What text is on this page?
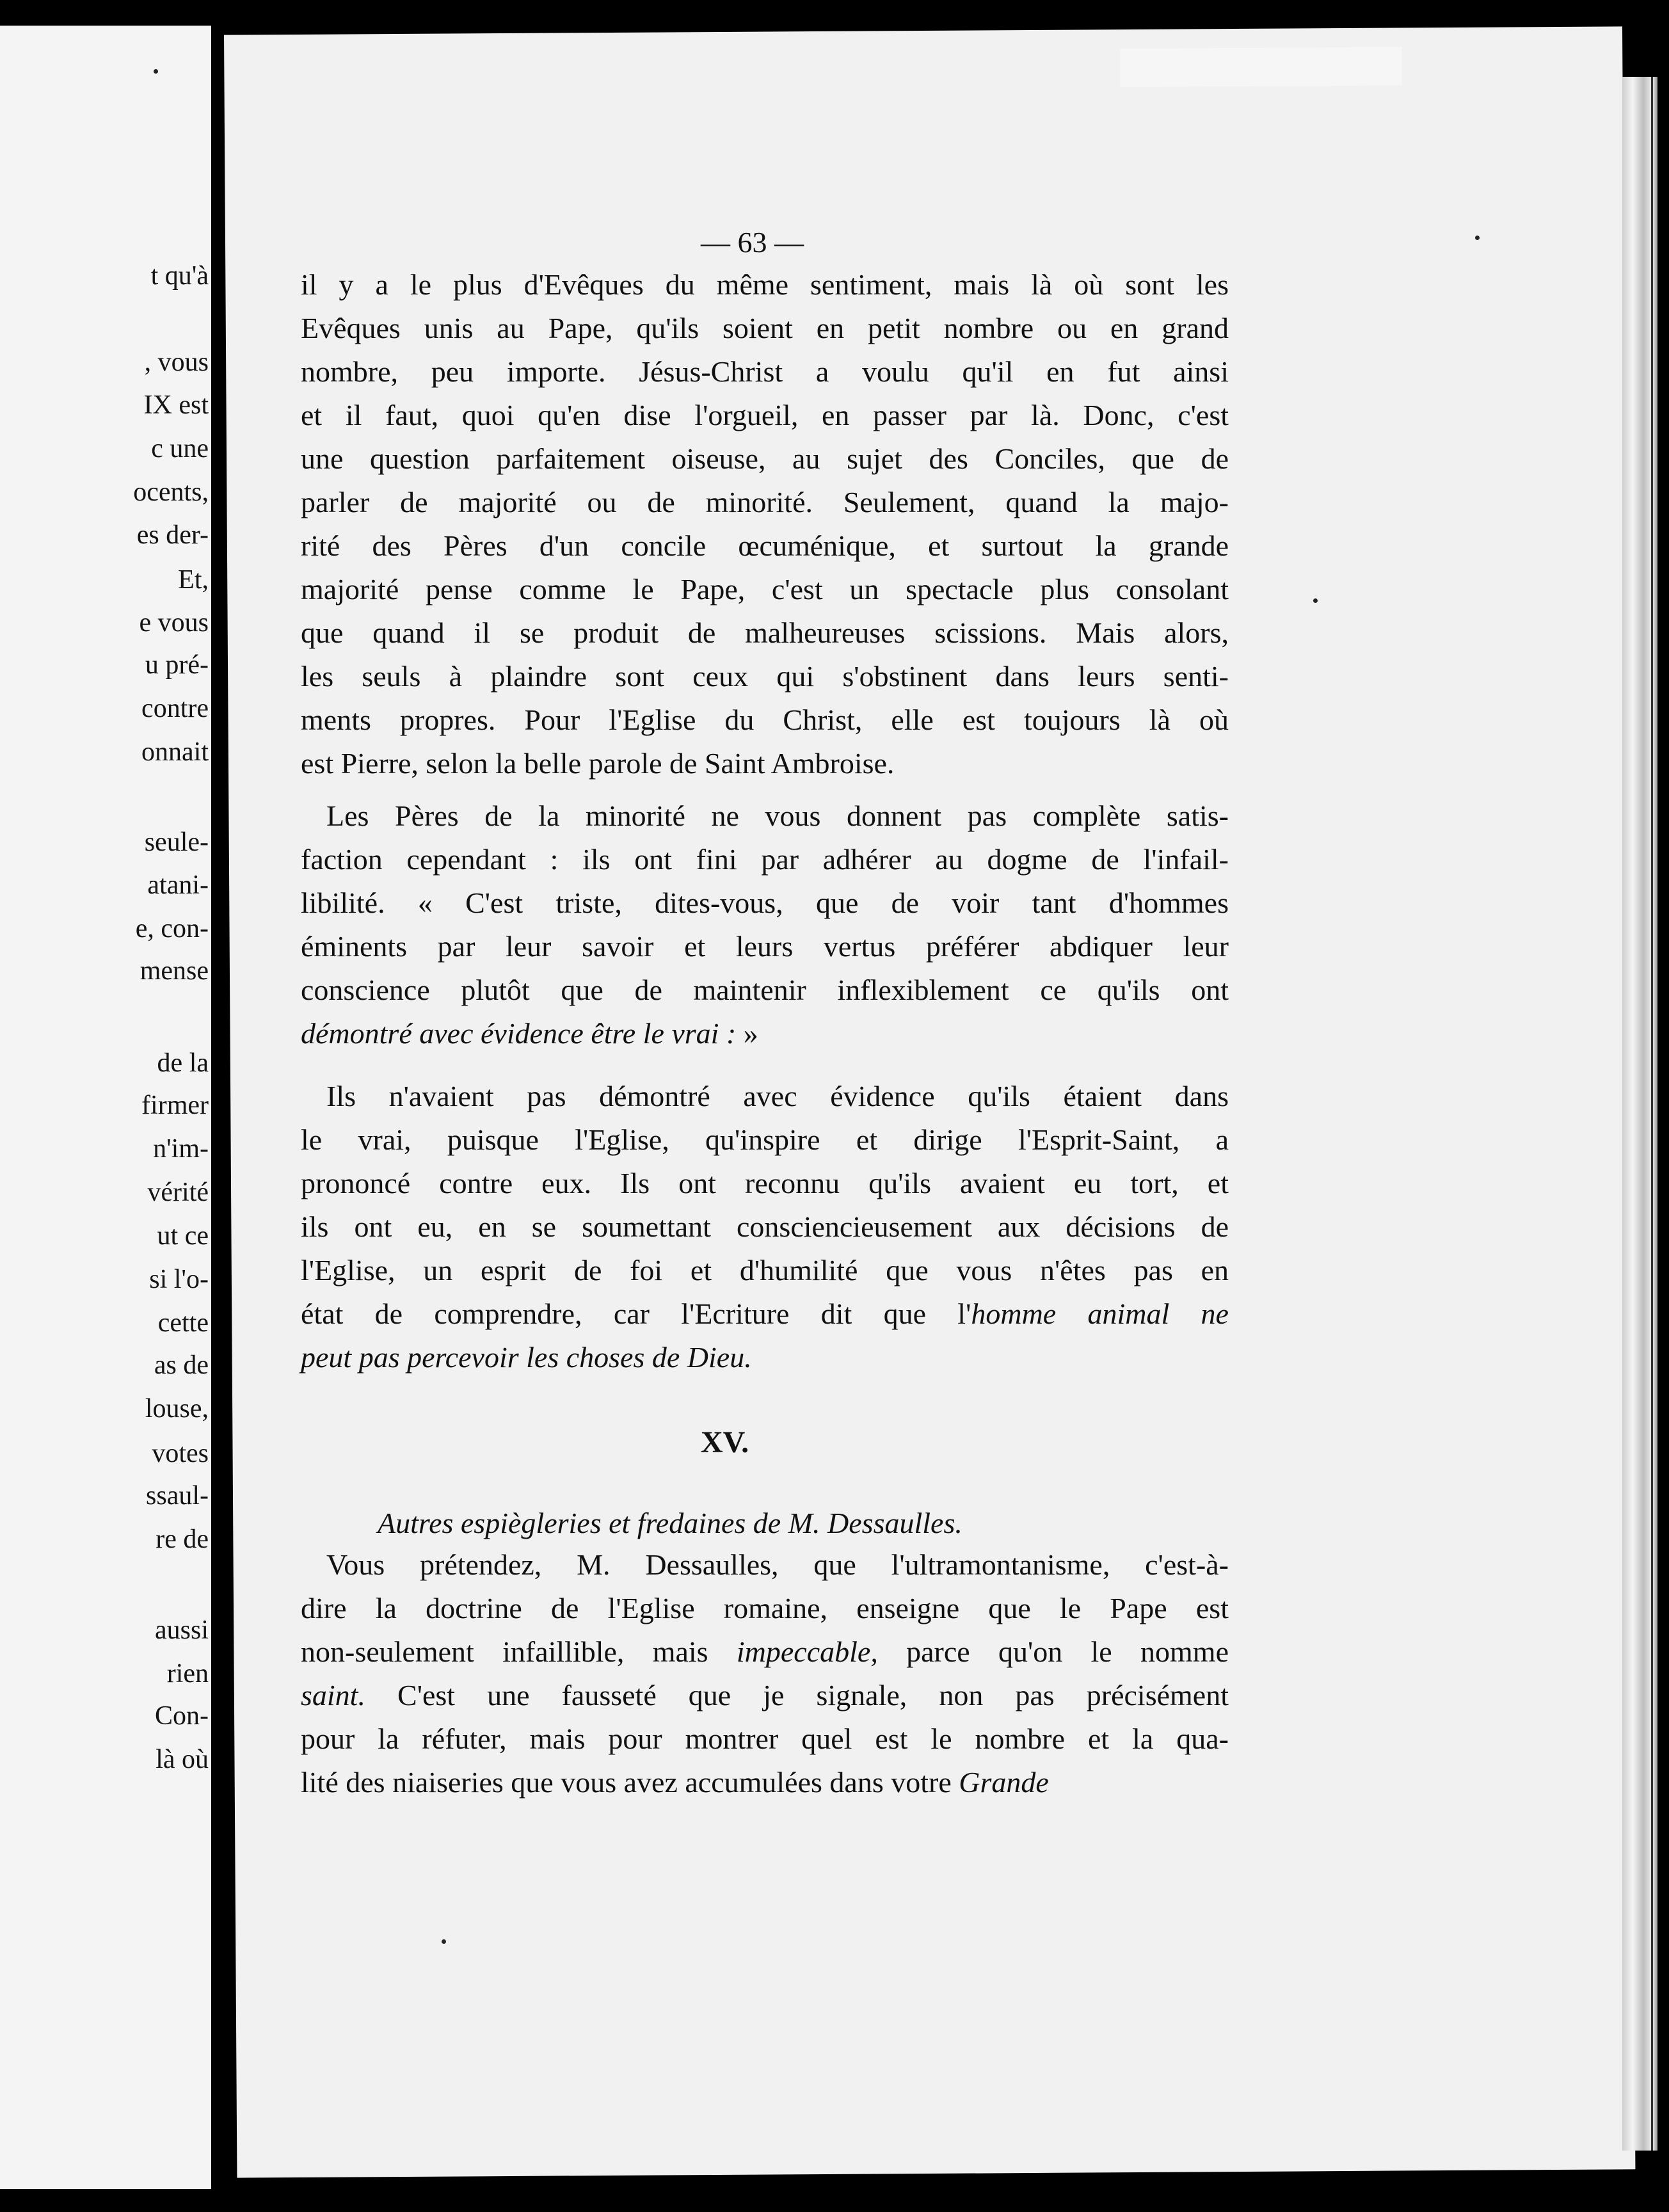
t qu'à
, vous
IX est
c une
ocents,
es der-
Et,
e vous
u pré-
contre
onnait
seule-
atani-
e, con-
mense
de la
firmer
n'im-
vérité
ut ce
si l'o-
cette
as de
louse,
votes
ssaul-
re de
aussi
rien
Con-
là où
— 63 —
il y a le plus d'Evêques du même sentiment, mais là où sont les
Evêques unis au Pape, qu'ils soient en petit nombre ou en grand
nombre, peu importe. Jésus-Christ a voulu qu'il en fut ainsi
et il faut, quoi qu'en dise l'orgueil, en passer par là. Donc, c'est
une question parfaitement oiseuse, au sujet des Conciles, que de
parler de majorité ou de minorité. Seulement, quand la majo-
rité des Pères d'un concile œcuménique, et surtout la grande
majorité pense comme le Pape, c'est un spectacle plus consolant
que quand il se produit de malheureuses scissions. Mais alors,
les seuls à plaindre sont ceux qui s'obstinent dans leurs senti-
ments propres. Pour l'Eglise du Christ, elle est toujours là où
est Pierre, selon la belle parole de Saint Ambroise.
Les Pères de la minorité ne vous donnent pas complète satis-
faction cependant : ils ont fini par adhérer au dogme de l'infail-
libilité. « C'est triste, dites-vous, que de voir tant d'hommes
éminents par leur savoir et leurs vertus préférer abdiquer leur
conscience plutôt que de maintenir inflexiblement ce qu'ils ont
démontré avec évidence être le vrai : »
Ils n'avaient pas démontré avec évidence qu'ils étaient dans
le vrai, puisque l'Eglise, qu'inspire et dirige l'Esprit-Saint, a
prononcé contre eux. Ils ont reconnu qu'ils avaient eu tort, et
ils ont eu, en se soumettant consciencieusement aux décisions de
l'Eglise, un esprit de foi et d'humilité que vous n'êtes pas en
état de comprendre, car l'Ecriture dit que l'homme animal ne
peut pas percevoir les choses de Dieu.
Vous prétendez, M. Dessaulles, que l'ultramontanisme, c'est-à-
dire la doctrine de l'Eglise romaine, enseigne que le Pape est
non-seulement infaillible, mais impeccable, parce qu'on le nomme
saint. C'est une fausseté que je signale, non pas précisément
pour la réfuter, mais pour montrer quel est le nombre et la qua-
lité des niaiseries que vous avez accumulées dans votre Grande
XV.
Autres espiègleries et fredaines de M. Dessaulles.
